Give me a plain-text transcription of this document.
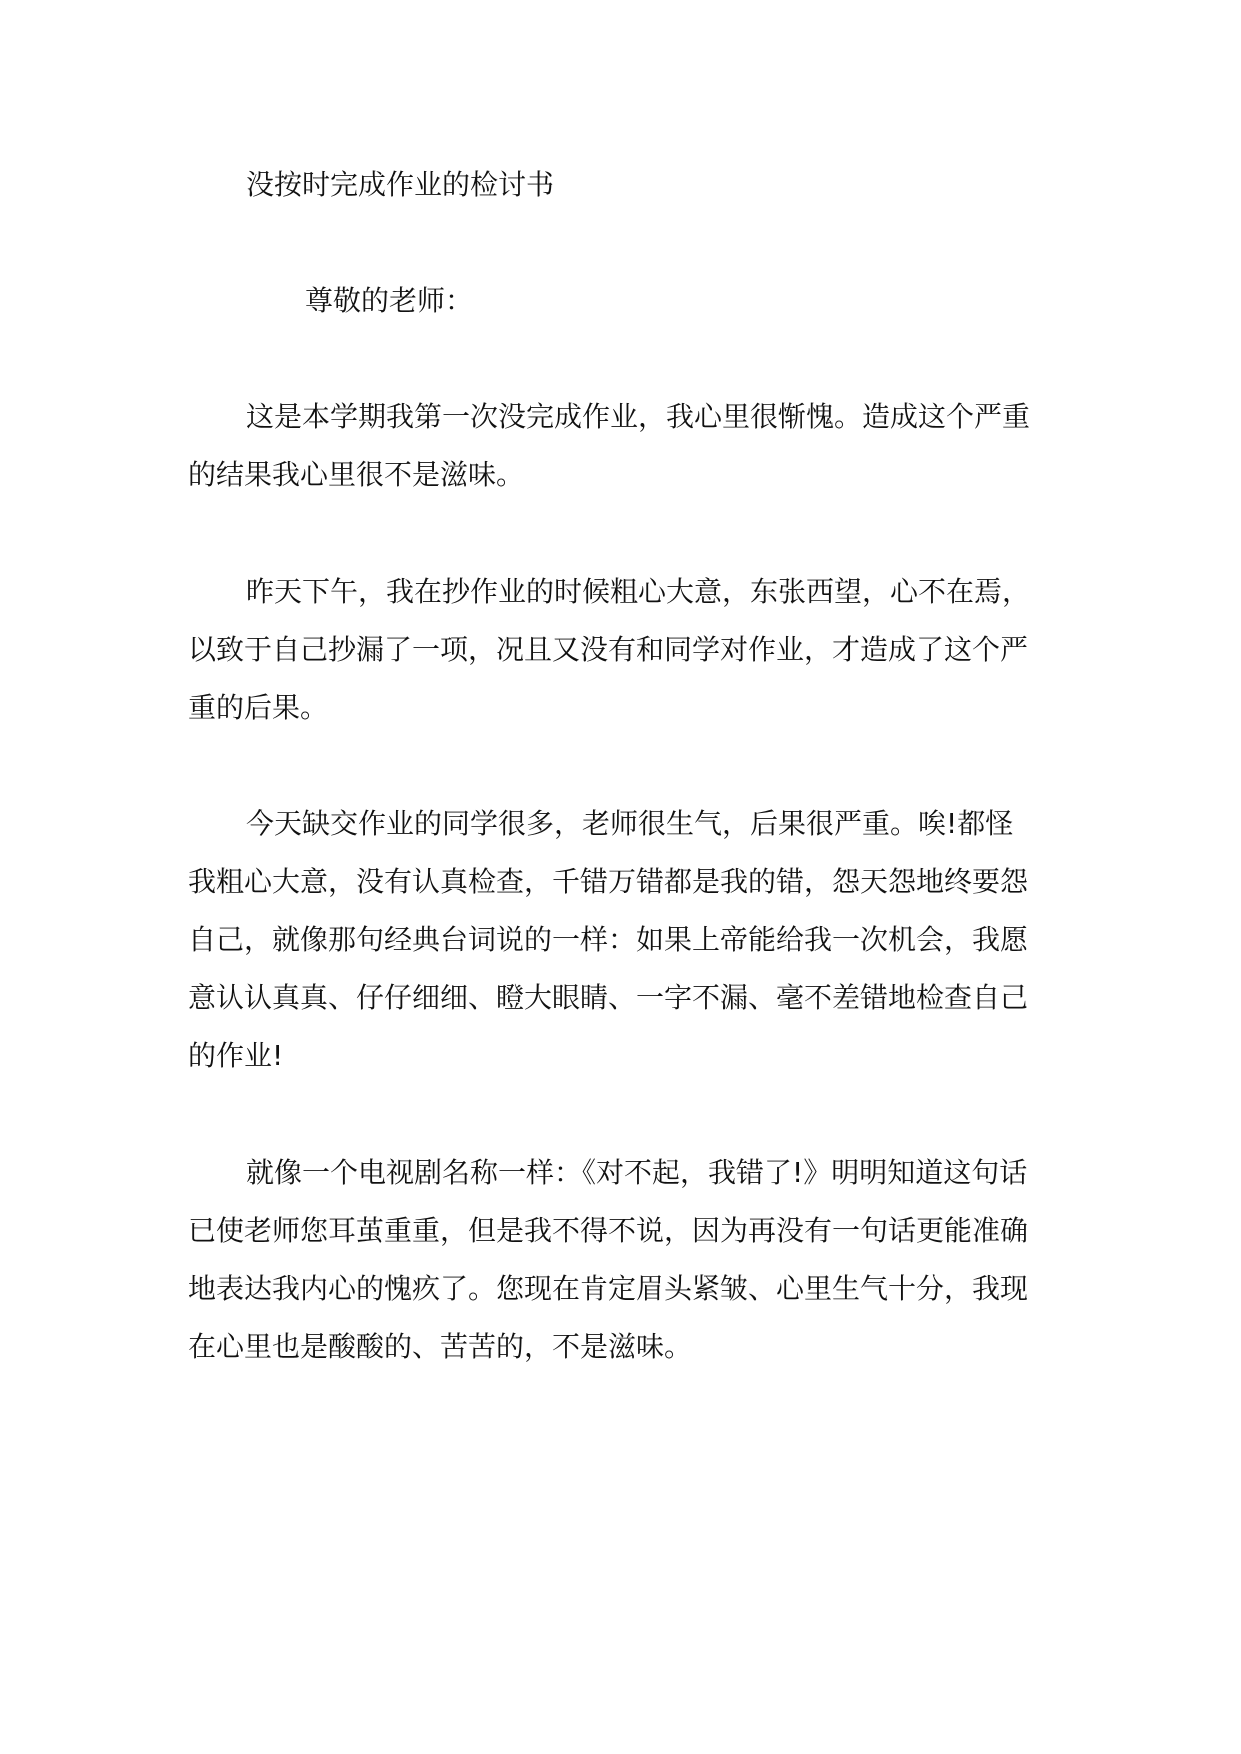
没按时完成作业的检讨书
尊敬的老师：
这是本学期我第一次没完成作业，我心里很惭愧。造成这个严重
的结果我心里很不是滋味。
昨天下午，我在抄作业的时候粗心大意，东张西望，心不在焉，
以致于自己抄漏了一项，况且又没有和同学对作业，才造成了这个严
重的后果。
今天缺交作业的同学很多，老师很生气，后果很严重。唉!都怪
我粗心大意，没有认真检查，千错万错都是我的错，怨天怨地终要怨
自己，就像那句经典台词说的一样：如果上帝能给我一次机会，我愿
意认认真真、仔仔细细、瞪大眼睛、一字不漏、毫不差错地检查自己
的作业!
就像一个电视剧名称一样：《对不起，我错了!》明明知道这句话
已使老师您耳茧重重，但是我不得不说，因为再没有一句话更能准确
地表达我内心的愧疚了。您现在肯定眉头紧皱、心里生气十分，我现
在心里也是酸酸的、苦苦的，不是滋味。
